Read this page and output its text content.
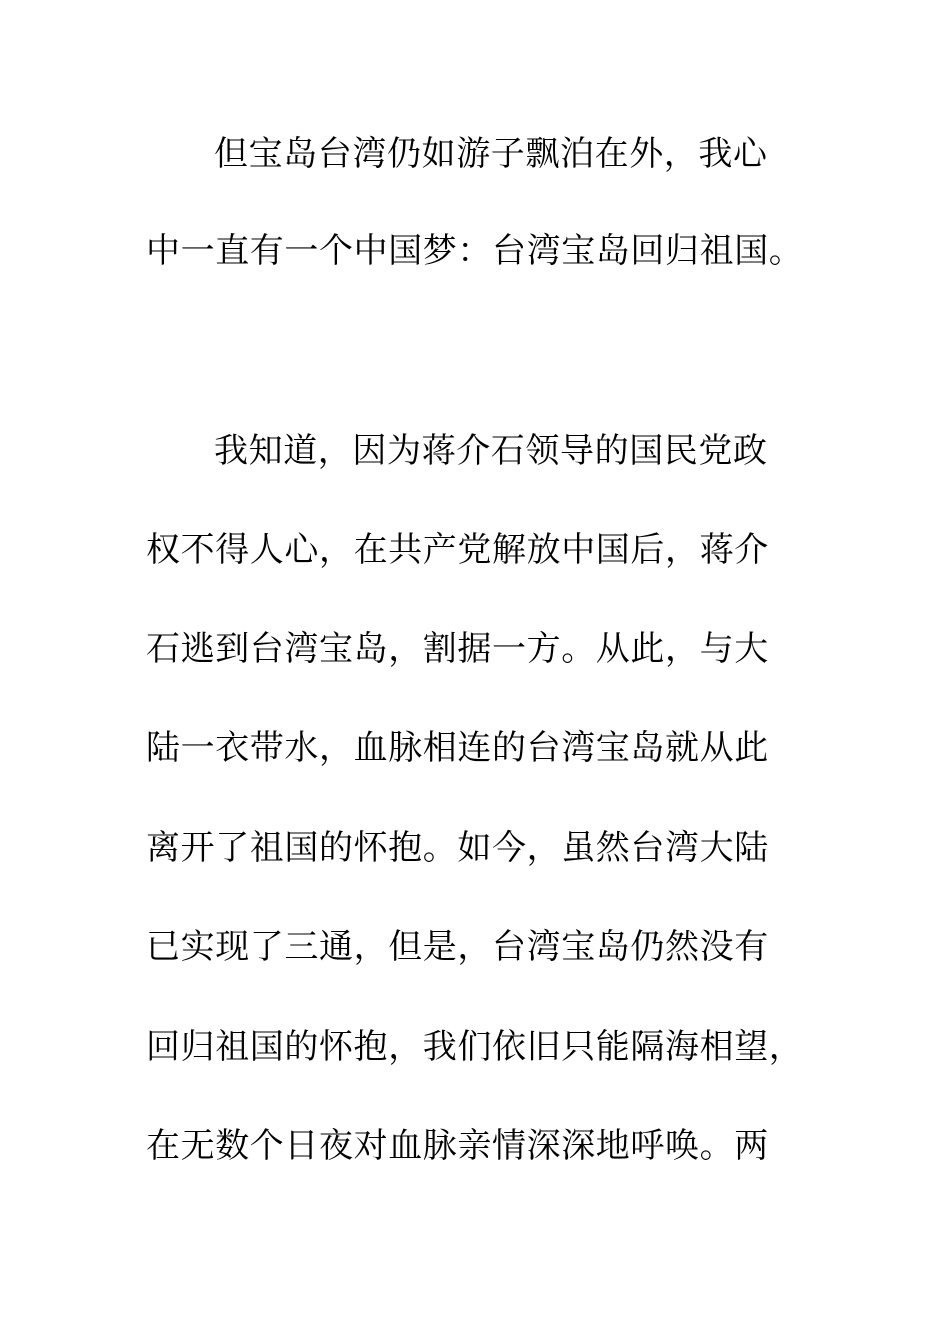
但宝岛台湾仍如游子飘泊在外，我心
中一直有一个中国梦：台湾宝岛回归祖国。
我知道，因为蒋介石领导的国民党政
权不得人心，在共产党解放中国后，蒋介
石逃到台湾宝岛，割据一方。从此，与大
陆一衣带水，血脉相连的台湾宝岛就从此
离开了祖国的怀抱。如今，虽然台湾大陆
已实现了三通，但是，台湾宝岛仍然没有
回归祖国的怀抱，我们依旧只能隔海相望，
在无数个日夜对血脉亲情深深地呼唤。两
